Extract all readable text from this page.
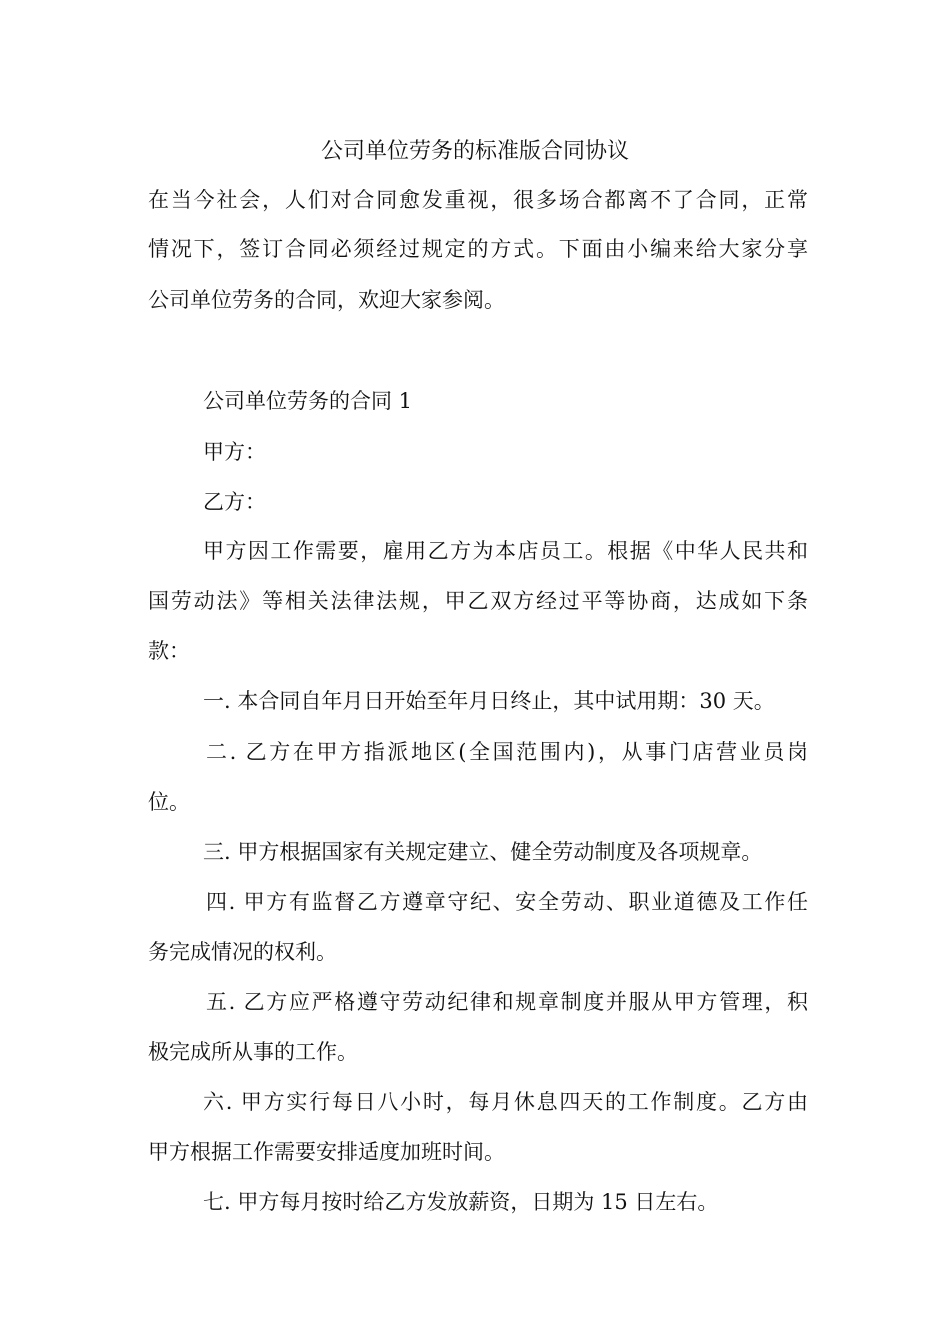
公司单位劳务的标准版合同协议
在当今社会，人们对合同愈发重视，很多场合都离不了合同，正常
情况下，签订合同必须经过规定的方式。下面由小编来给大家分享
公司单位劳务的合同，欢迎大家参阅。
公司单位劳务的合同 1
甲方：
乙方：
甲方因工作需要，雇用乙方为本店员工。根据《中华人民共和
国劳动法》等相关法律法规，甲乙双方经过平等协商，达成如下条
款：
一. 本合同自年月日开始至年月日终止，其中试用期：30 天。
二. 乙方在甲方指派地区(全国范围内)，从事门店营业员岗
位。
三. 甲方根据国家有关规定建立、健全劳动制度及各项规章。
四. 甲方有监督乙方遵章守纪、安全劳动、职业道德及工作任
务完成情况的权利。
五. 乙方应严格遵守劳动纪律和规章制度并服从甲方管理，积
极完成所从事的工作。
六. 甲方实行每日八小时，每月休息四天的工作制度。乙方由
甲方根据工作需要安排适度加班时间。
七. 甲方每月按时给乙方发放薪资，日期为 15 日左右。
